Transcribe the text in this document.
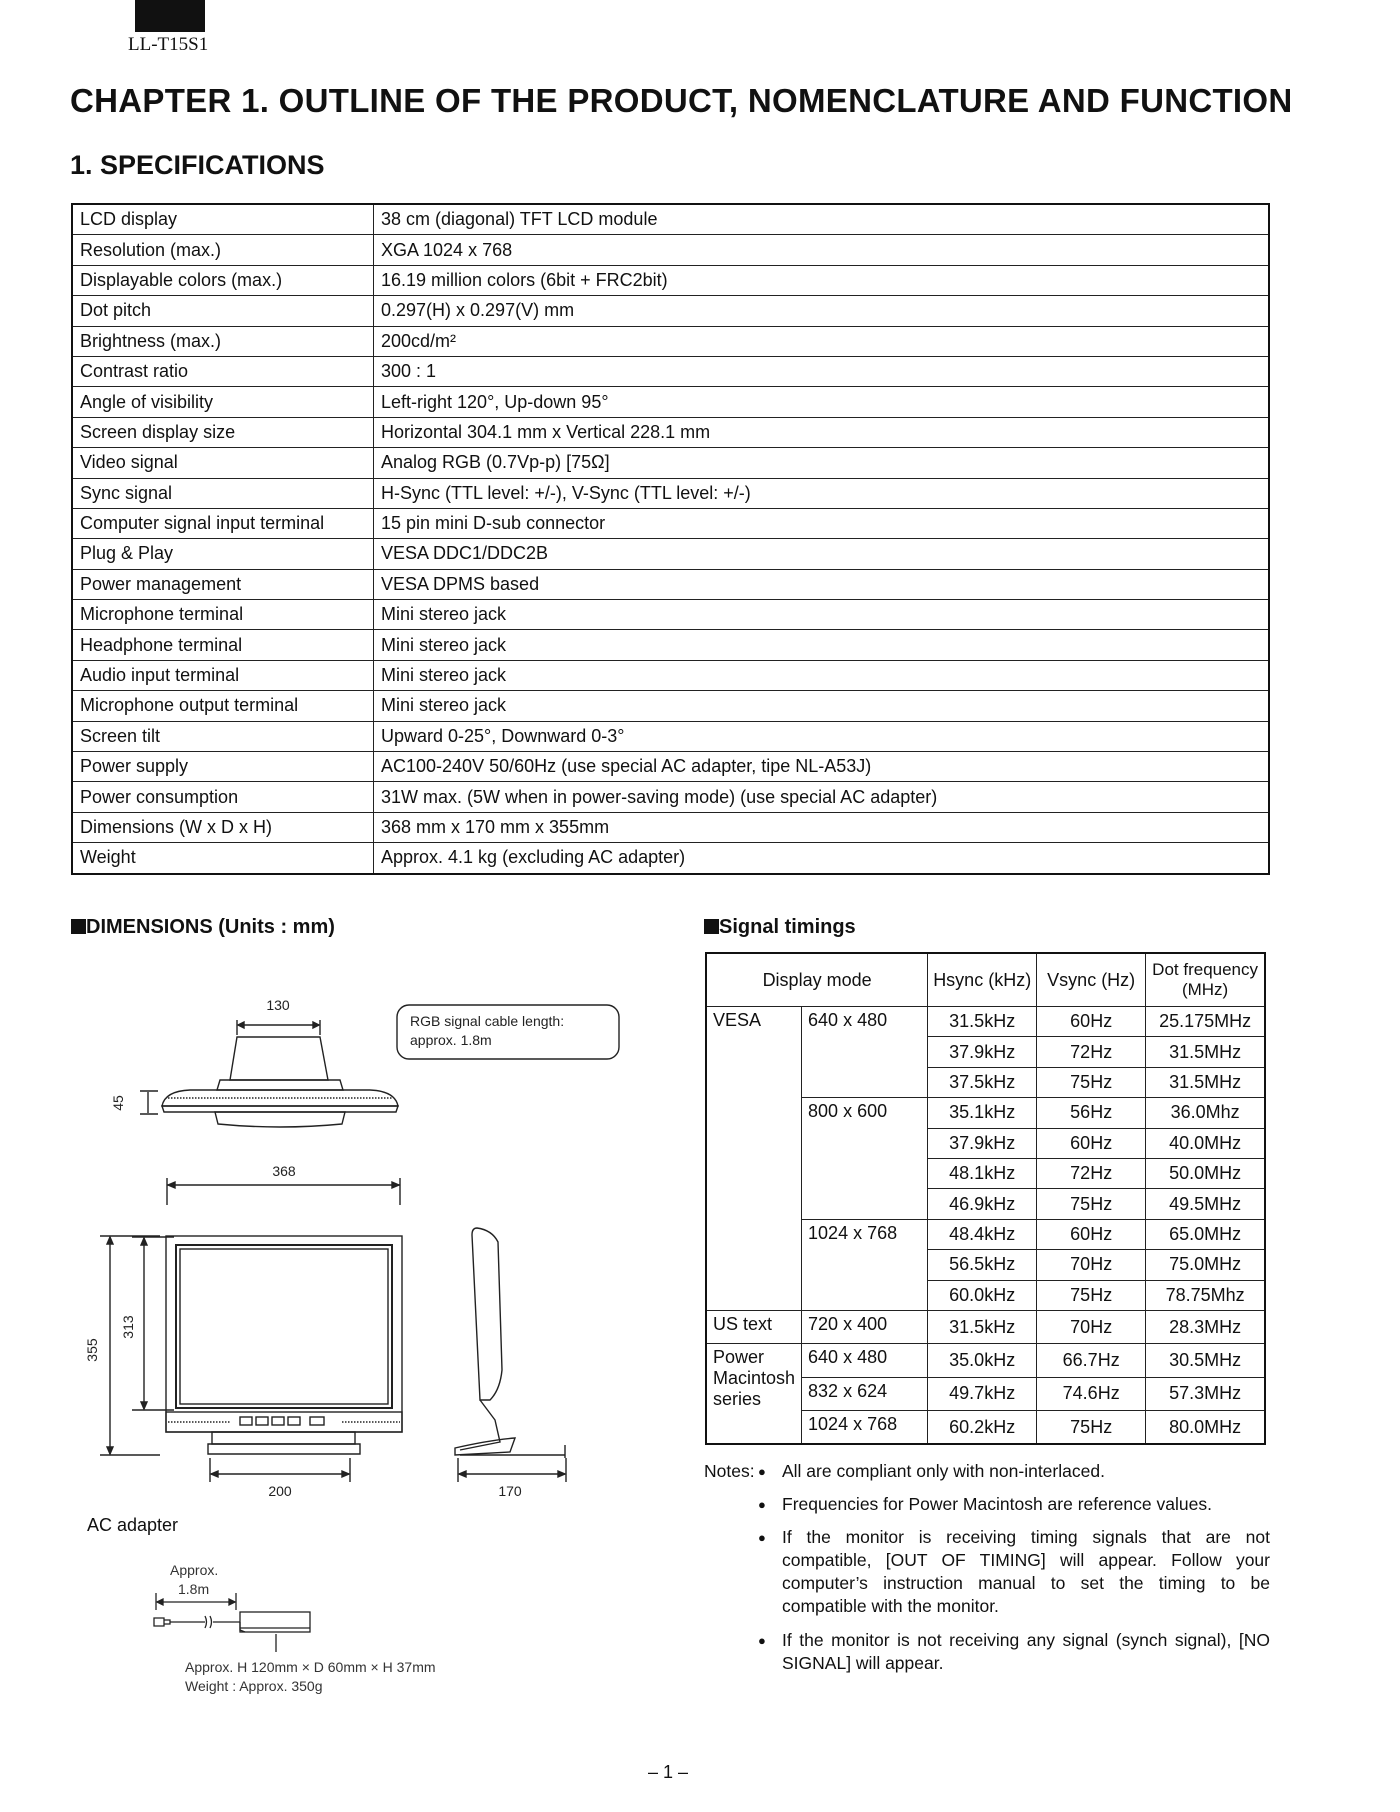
LL-T15S1
CHAPTER 1. OUTLINE OF THE PRODUCT, NOMENCLATURE AND FUNCTION
1. SPECIFICATIONS
LCD display	38 cm (diagonal) TFT LCD module
Resolution (max.)	XGA 1024 x 768
Displayable colors (max.)	16.19 million colors (6bit + FRC2bit)
Dot pitch	0.297(H) x 0.297(V) mm
Brightness (max.)	200cd/m²
Contrast ratio	300 : 1
Angle of visibility	Left-right 120°, Up-down 95°
Screen display size	Horizontal 304.1 mm x Vertical 228.1 mm
Video signal	Analog RGB (0.7Vp-p) [75Ω]
Sync signal	H-Sync (TTL level: +/-), V-Sync (TTL level: +/-)
Computer signal input terminal	15 pin mini D-sub connector
Plug & Play	VESA DDC1/DDC2B
Power management	VESA DPMS based
Microphone terminal	Mini stereo jack
Headphone terminal	Mini stereo jack
Audio input terminal	Mini stereo jack
Microphone output terminal	Mini stereo jack
Screen tilt	Upward 0-25°, Downward 0-3°
Power supply	AC100-240V 50/60Hz (use special AC adapter, tipe NL-A53J)
Power consumption	31W max. (5W when in power-saving mode) (use special AC adapter)
Dimensions (W x D x H)	368 mm x 170 mm x 355mm
Weight	Approx. 4.1 kg (excluding AC adapter)
DIMENSIONS (Units : mm)	Signal timings
130
45
RGB signal cable length:
approx. 1.8m
368
355
313
200	170
AC adapter
Approx.
1.8m
Approx. H 120mm × D 60mm × H 37mm
Weight : Approx. 350g
Display mode		Hsync (kHz)	Vsync (Hz)	Dot frequency
(MHz)
VESA	640 x 480	31.5kHz	60Hz	25.175MHz
		37.9kHz	72Hz	31.5MHz
		37.5kHz	75Hz	31.5MHz
	800 x 600	35.1kHz	56Hz	36.0Mhz
		37.9kHz	60Hz	40.0MHz
		48.1kHz	72Hz	50.0MHz
		46.9kHz	75Hz	49.5MHz
	1024 x 768	48.4kHz	60Hz	65.0MHz
		56.5kHz	70Hz	75.0MHz
		60.0kHz	75Hz	78.75Mhz
US text	720 x 400	31.5kHz	70Hz	28.3MHz
Power Macintosh series	640 x 480	35.0kHz	66.7Hz	30.5MHz
	832 x 624	49.7kHz	74.6Hz	57.3MHz
	1024 x 768	60.2kHz	75Hz	80.0MHz
Notes: ● All are compliant only with non-interlaced.
● Frequencies for Power Macintosh are reference values.
● If the monitor is receiving timing signals that are not compatible, [OUT OF TIMING] will appear. Follow your computer’s instruction manual to set the timing to be compatible with the monitor.
● If the monitor is not receiving any signal (synch signal), [NO SIGNAL] will appear.
– 1 –
